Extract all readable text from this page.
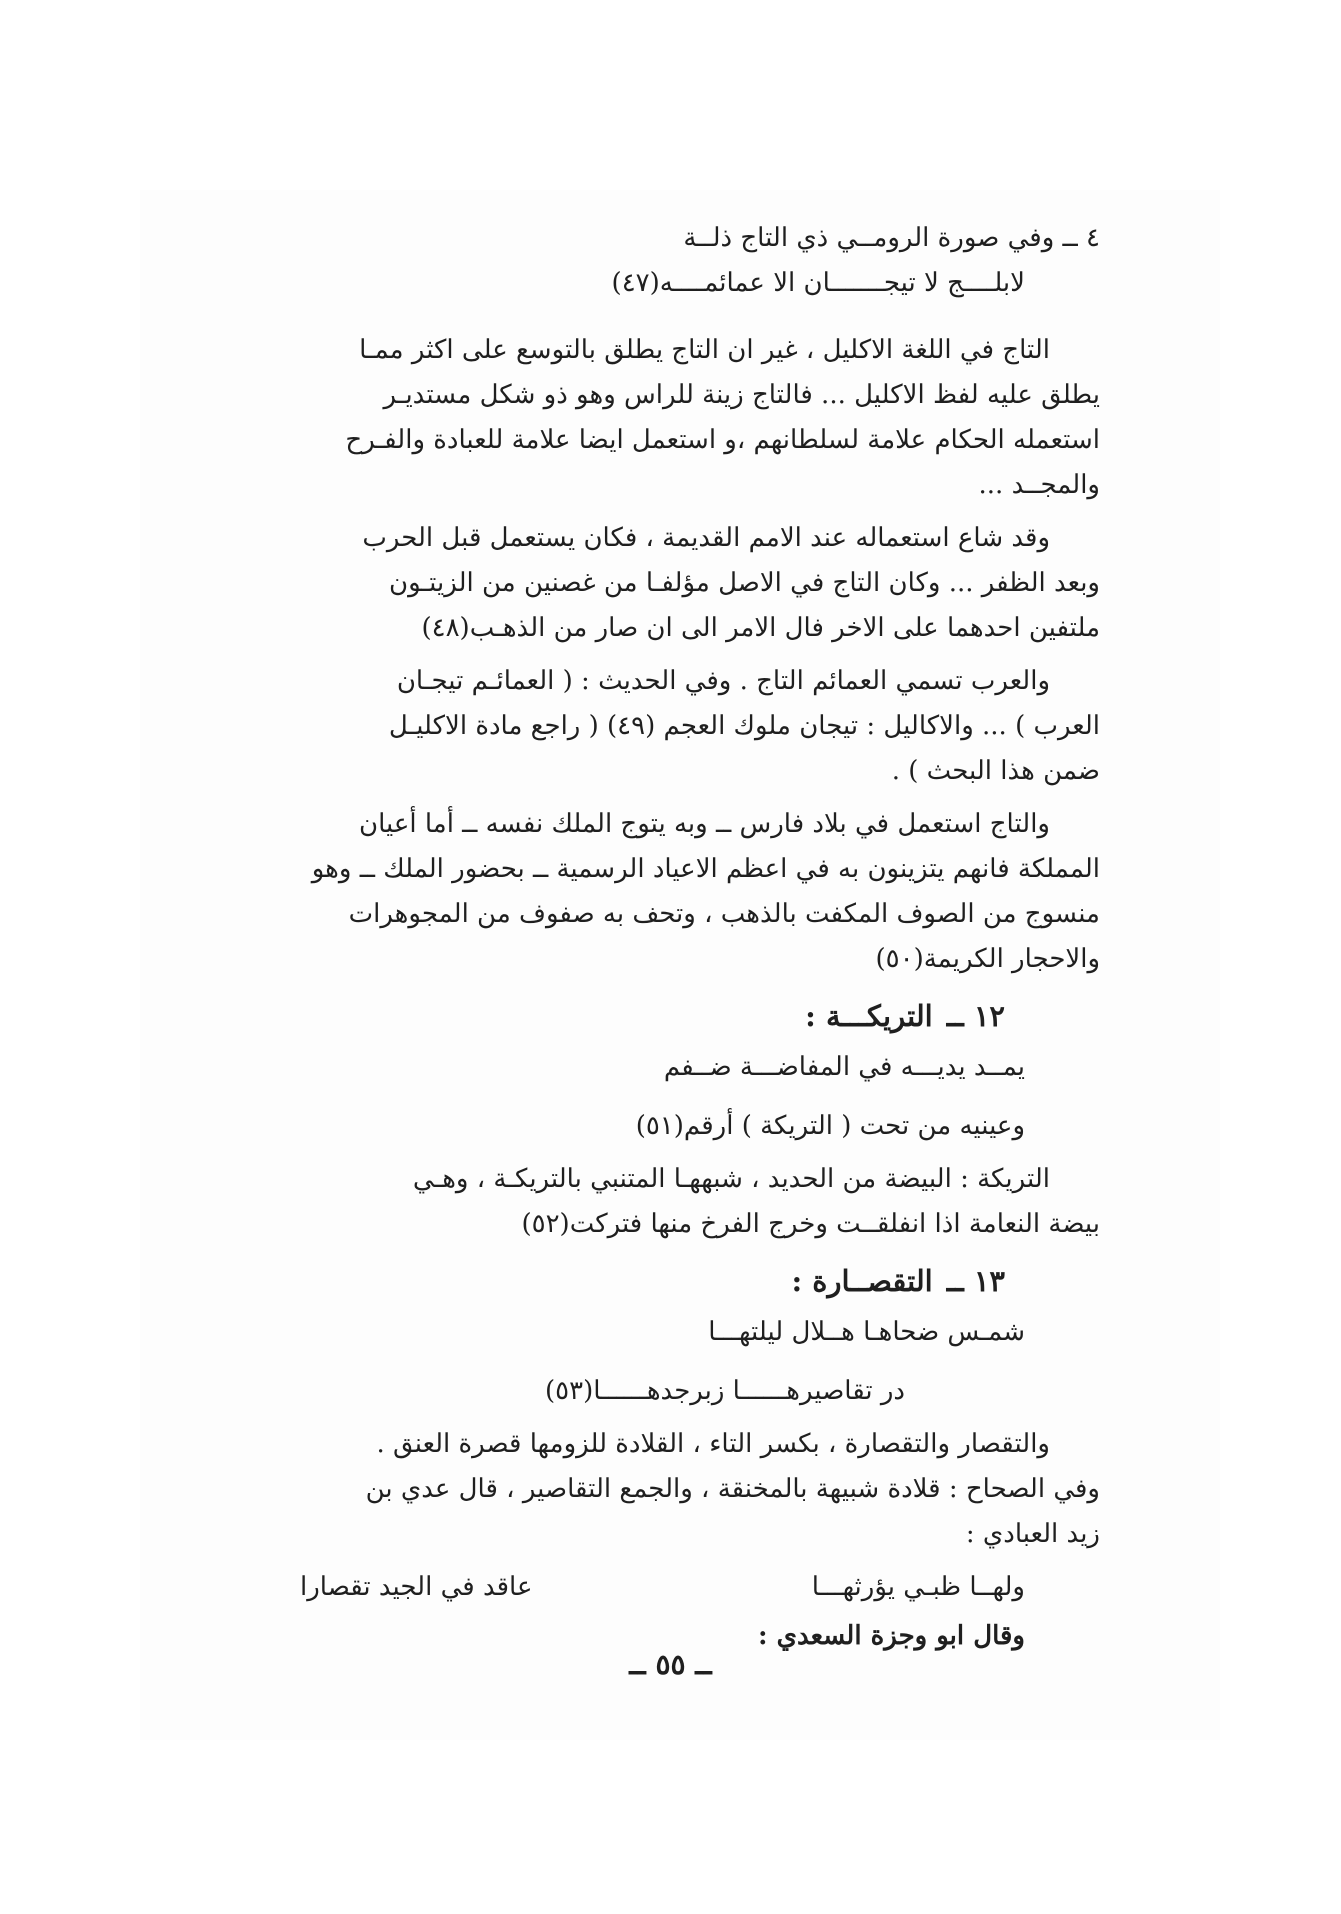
٤ ــ وفي صورة الرومــي ذي التاج ذلــة
لابلــــج لا تيجـــــــان الا عمائمــــه(٤٧)
التاج في اللغة الاكليل ، غير ان التاج يطلق بالتوسع على اكثر ممـا
يطلق عليه لفظ الاكليل ... فالتاج زينة للراس وهو ذو شكل مستديـر
استعمله الحكام علامة لسلطانهم ،و استعمل ايضا علامة للعبادة والفـرح
والمجــد ...
وقد شاع استعماله عند الامم القديمة ، فكان يستعمل قبل الحرب
وبعد الظفر ... وكان التاج في الاصل مؤلفـا من غصنين من الزيتـون
ملتفين احدهما على الاخر فال الامر الى ان صار من الذهـب(٤٨)
والعرب تسمي العمائم التاج . وفي الحديث : ( العمائـم تيجـان
العرب ) ... والاكاليل : تيجان ملوك العجم (٤٩) ( راجع مادة الاكليـل
ضمن هذا البحث ) .
والتاج استعمل في بلاد فارس ــ وبه يتوج الملك نفسه ــ أما أعيان
المملكة فانهم يتزينون به في اعظم الاعياد الرسمية ــ بحضور الملك ــ وهو
منسوج من الصوف المكفت بالذهب ، وتحف به صفوف من المجوهرات
والاحجار الكريمة(٥٠)
١٢ ــالتريكـــة :
يمــد يديـــه في المفاضـــة ضــفم
وعينيه من تحت ( التريكة ) أرقم(٥١)
التريكة : البيضة من الحديد ، شبههـا المتنبي بالتريكـة ، وهـي
بيضة النعامة اذا انفلقــت وخرج الفرخ منها فتركت(٥٢)
١٣ ــالتقصــارة :
شمـس ضحاهـا هــلال ليلتهـــا
در تقاصيرهــــــا زبرجدهــــــا(٥٣)
والتقصار والتقصارة ، بكسر التاء ، القلادة للزومها قصرة العنق .
وفي الصحاح : قلادة شبيهة بالمخنقة ، والجمع التقاصير ، قال عدي بن
زيد العبادي :
ولهــا ظبـي يؤرثهـــا
عاقد في الجيد تقصارا
وقال ابو وجزة السعدي :
ــ ٥٥ ــ
